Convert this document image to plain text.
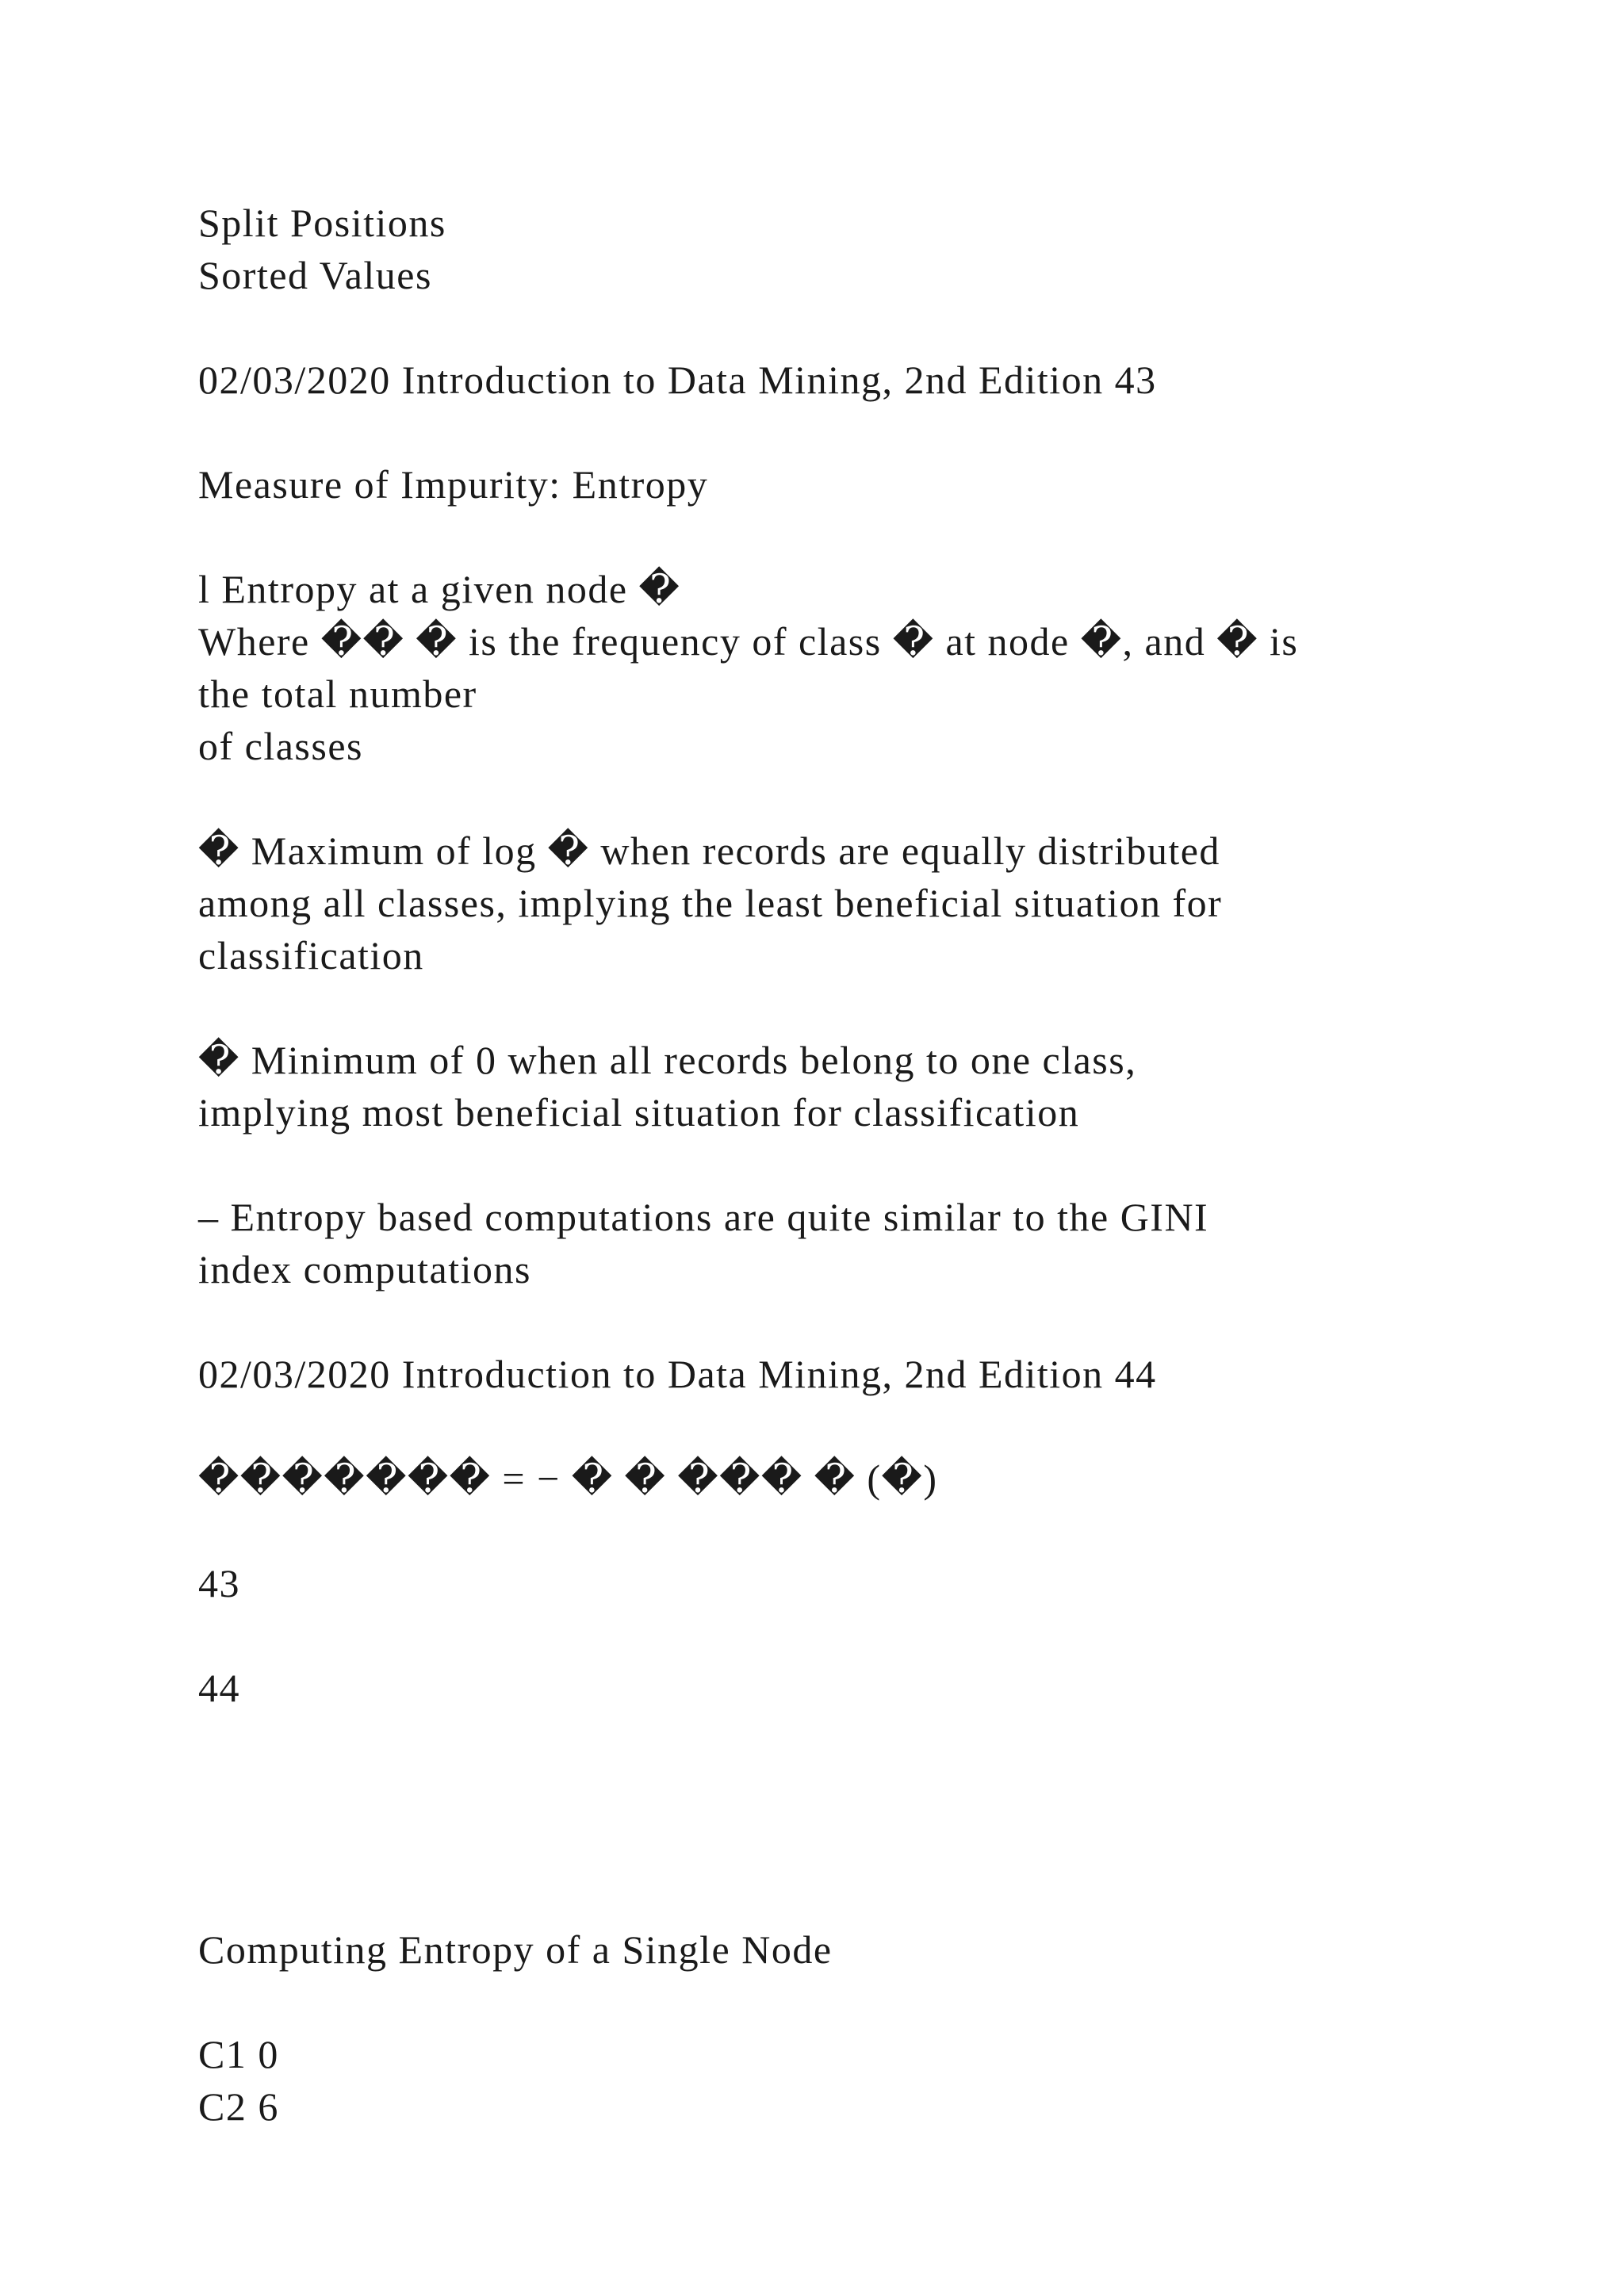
Split Positions
Sorted Values
02/03/2020 Introduction to Data Mining, 2nd Edition 43
Measure of Impurity: Entropy
l Entropy at a given node �
Where �� � is the frequency of class � at node �, and � is
the total number
of classes
� Maximum of log � when records are equally distributed
among all classes, implying the least beneficial situation for
classification
� Minimum of 0 when all records belong to one class,
implying most beneficial situation for classification
– Entropy based computations are quite similar to the GINI
index computations
02/03/2020 Introduction to Data Mining, 2nd Edition 44
������� = − � � ��� � (�)
43
44
Computing Entropy of a Single Node
C1 0
C2 6
